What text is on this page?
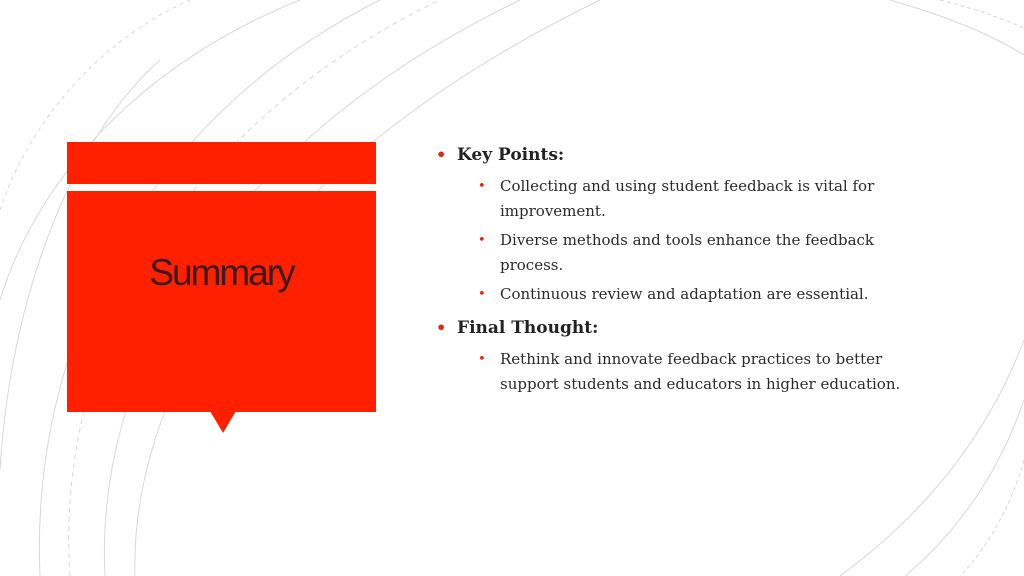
Summary
• Key Points:
• Collecting and using student feedback is vital for improvement.
• Diverse methods and tools enhance the feedback process.
• Continuous review and adaptation are essential.
• Final Thought:
• Rethink and innovate feedback practices to better support students and educators in higher education.
